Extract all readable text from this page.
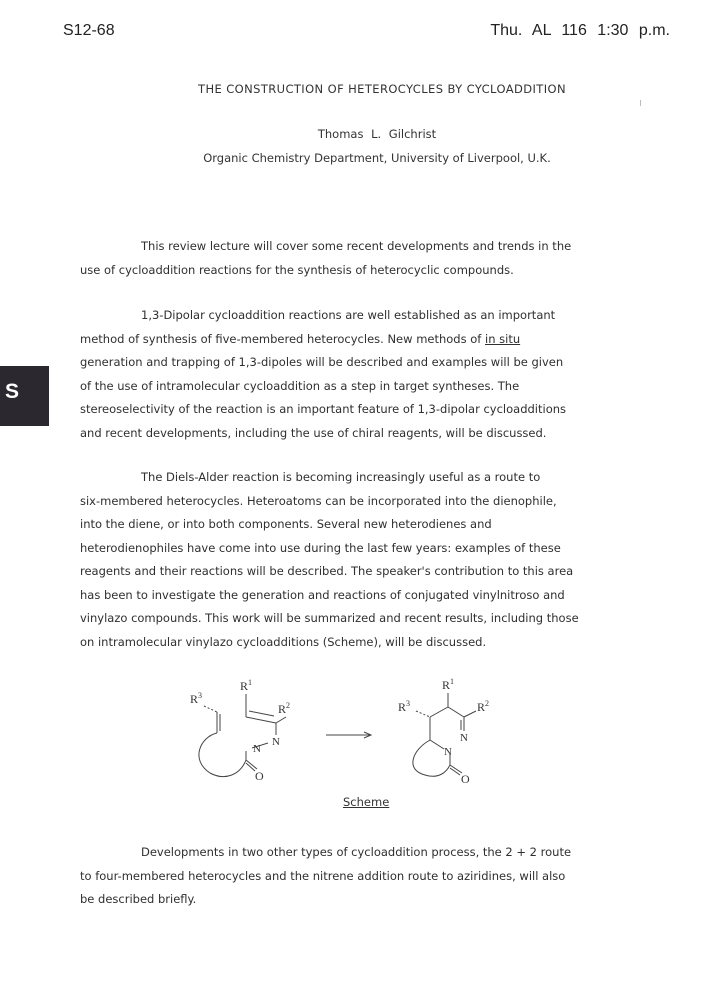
S12-68	Thu. AL 116 1:30 p.m.
THE CONSTRUCTION OF HETEROCYCLES BY CYCLOADDITION
Thomas L. Gilchrist
Organic Chemistry Department, University of Liverpool, U.K.
S
This review lecture will cover some recent developments and trends in the
use of cycloaddition reactions for the synthesis of heterocyclic compounds.
1,3-Dipolar cycloaddition reactions are well established as an important
method of synthesis of five-membered heterocycles. New methods of in situ
generation and trapping of 1,3-dipoles will be described and examples will be given
of the use of intramolecular cycloaddition as a step in target syntheses. The
stereoselectivity of the reaction is an important feature of 1,3-dipolar cycloadditions
and recent developments, including the use of chiral reagents, will be discussed.
The Diels-Alder reaction is becoming increasingly useful as a route to
six-membered heterocycles. Heteroatoms can be incorporated into the dienophile,
into the diene, or into both components. Several new heterodienes and
heterodienophiles have come into use during the last few years: examples of these
reagents and their reactions will be described. The speaker's contribution to this area
has been to investigate the generation and reactions of conjugated vinylnitroso and
vinylazo compounds. This work will be summarized and recent results, including those
on intramolecular vinylazo cycloadditions (Scheme), will be discussed.
$R^1$
$R^2$
$R^3$
N
N
O
$R^1$
$R^2$
$R^3$
N
N
O
Scheme
Developments in two other types of cycloaddition process, the 2 + 2 route
to four-membered heterocycles and the nitrene addition route to aziridines, will also
be described briefly.
